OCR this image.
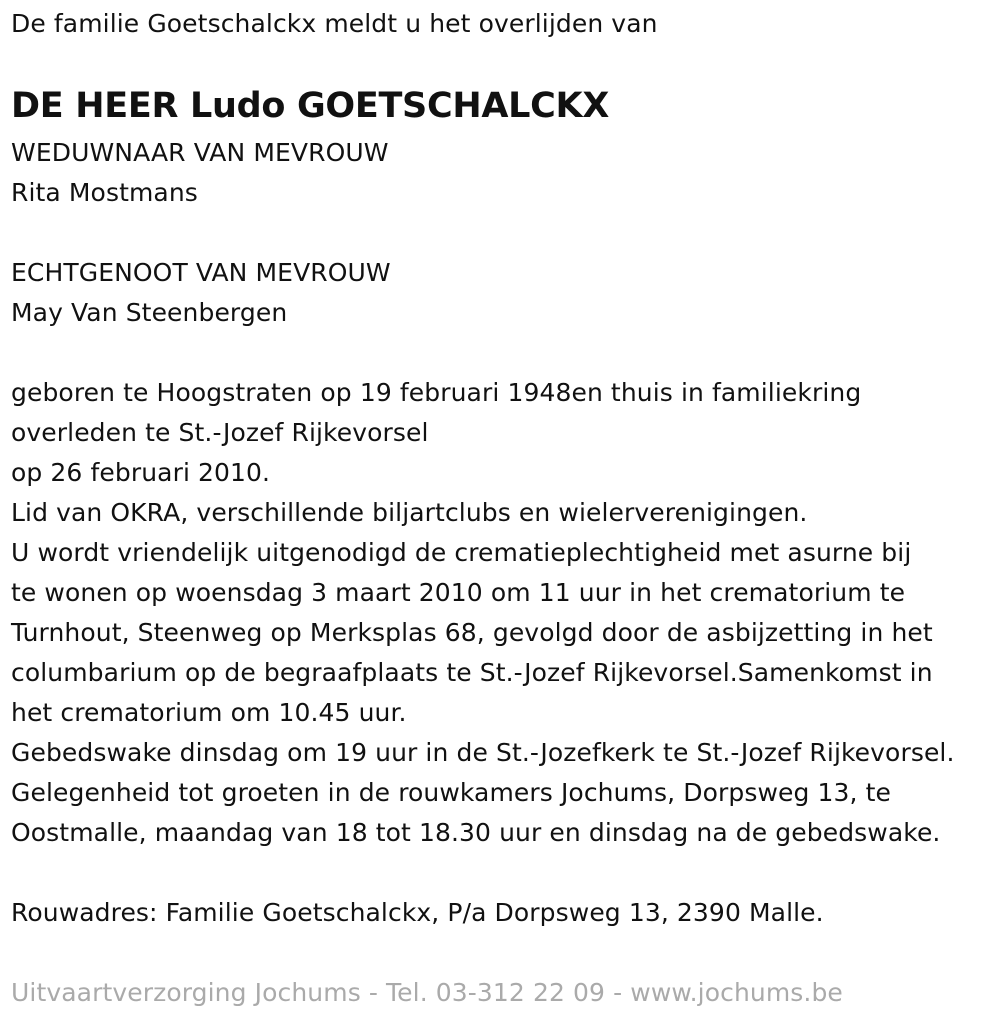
De familie Goetschalckx meldt u het overlijden van
DE HEER Ludo GOETSCHALCKX
WEDUWNAAR VAN MEVROUW
Rita Mostmans
ECHTGENOOT VAN MEVROUW
May Van Steenbergen
geboren te Hoogstraten op 19 februari 1948en thuis in familiekring
overleden te St.-Jozef Rijkevorsel
op 26 februari 2010.
Lid van OKRA, verschillende biljartclubs en wielerverenigingen.
U wordt vriendelijk uitgenodigd de crematieplechtigheid met asurne bij
te wonen op woensdag 3 maart 2010 om 11 uur in het crematorium te
Turnhout, Steenweg op Merksplas 68, gevolgd door de asbijzetting in het
columbarium op de begraafplaats te St.-Jozef Rijkevorsel.Samenkomst in
het crematorium om 10.45 uur.
Gebedswake dinsdag om 19 uur in de St.-Jozefkerk te St.-Jozef Rijkevorsel.
Gelegenheid tot groeten in de rouwkamers Jochums, Dorpsweg 13, te
Oostmalle, maandag van 18 tot 18.30 uur en dinsdag na de gebedswake.
Rouwadres: Familie Goetschalckx, P/a Dorpsweg 13, 2390 Malle.
Uitvaartverzorging Jochums - Tel. 03-312 22 09 - www.jochums.be
